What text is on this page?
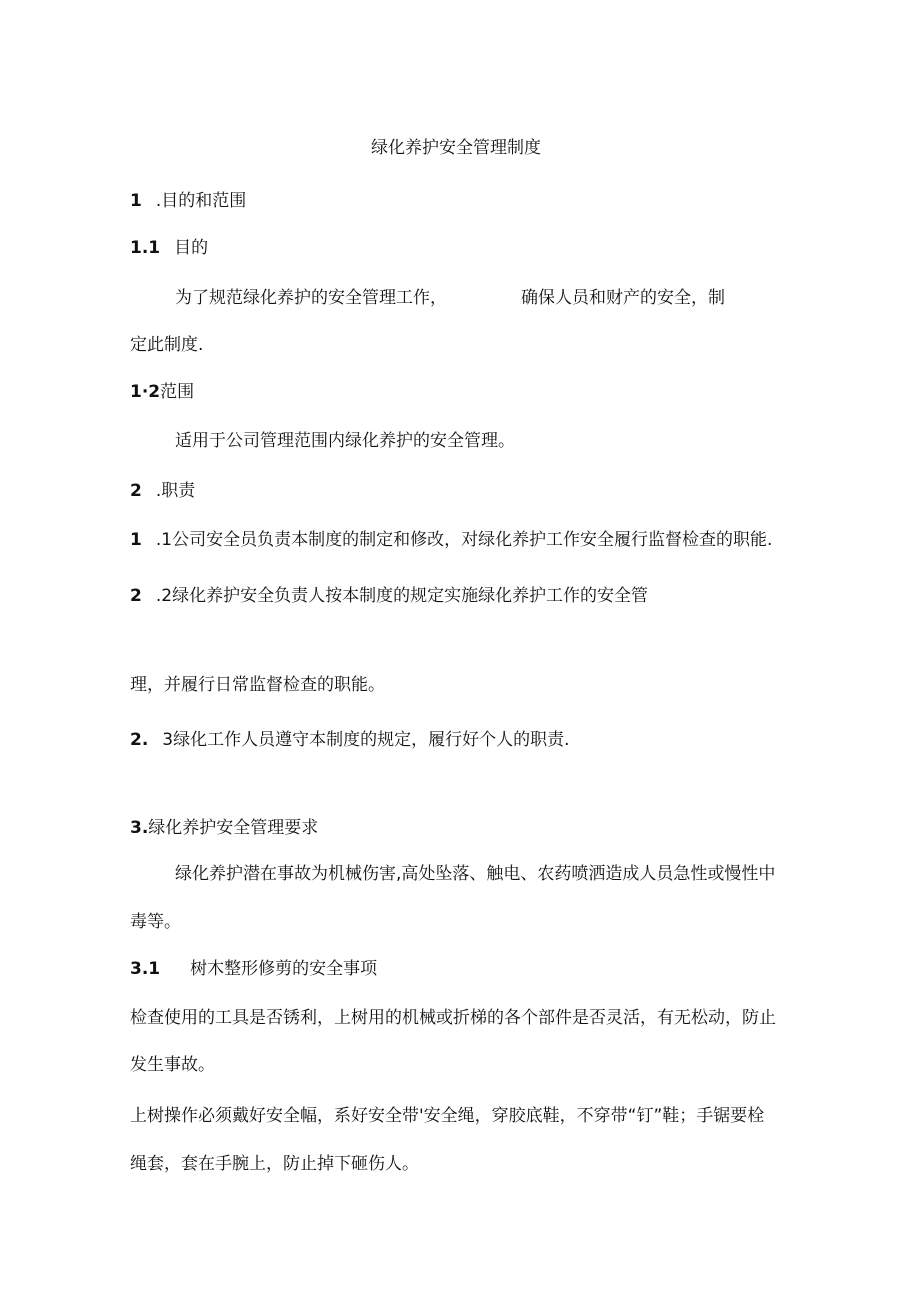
绿化养护安全管理制度
1 .目的和范围
1.1 目的
为了规范绿化养护的安全管理工作，	确保人员和财产的安全，制
定此制度.
1·2范围
适用于公司管理范围内绿化养护的安全管理。
2 .职责
1 .1公司安全员负责本制度的制定和修改，对绿化养护工作安全履行监督检查的职能.
2 .2绿化养护安全负责人按本制度的规定实施绿化养护工作的安全管
理，并履行日常监督检查的职能。
2. 3绿化工作人员遵守本制度的规定，履行好个人的职责.
3.绿化养护安全管理要求
绿化养护潜在事故为机械伤害,高处坠落、触电、农药喷洒造成人员急性或慢性中
毒等。
3.1 树木整形修剪的安全事项
检查使用的工具是否锈利，上树用的机械或折梯的各个部件是否灵活，有无松动，防止
发生事故。
上树操作必须戴好安全幅，系好安全带'安全绳，穿胶底鞋，不穿带“钉”鞋；手锯要栓
绳套，套在手腕上，防止掉下砸伤人。
